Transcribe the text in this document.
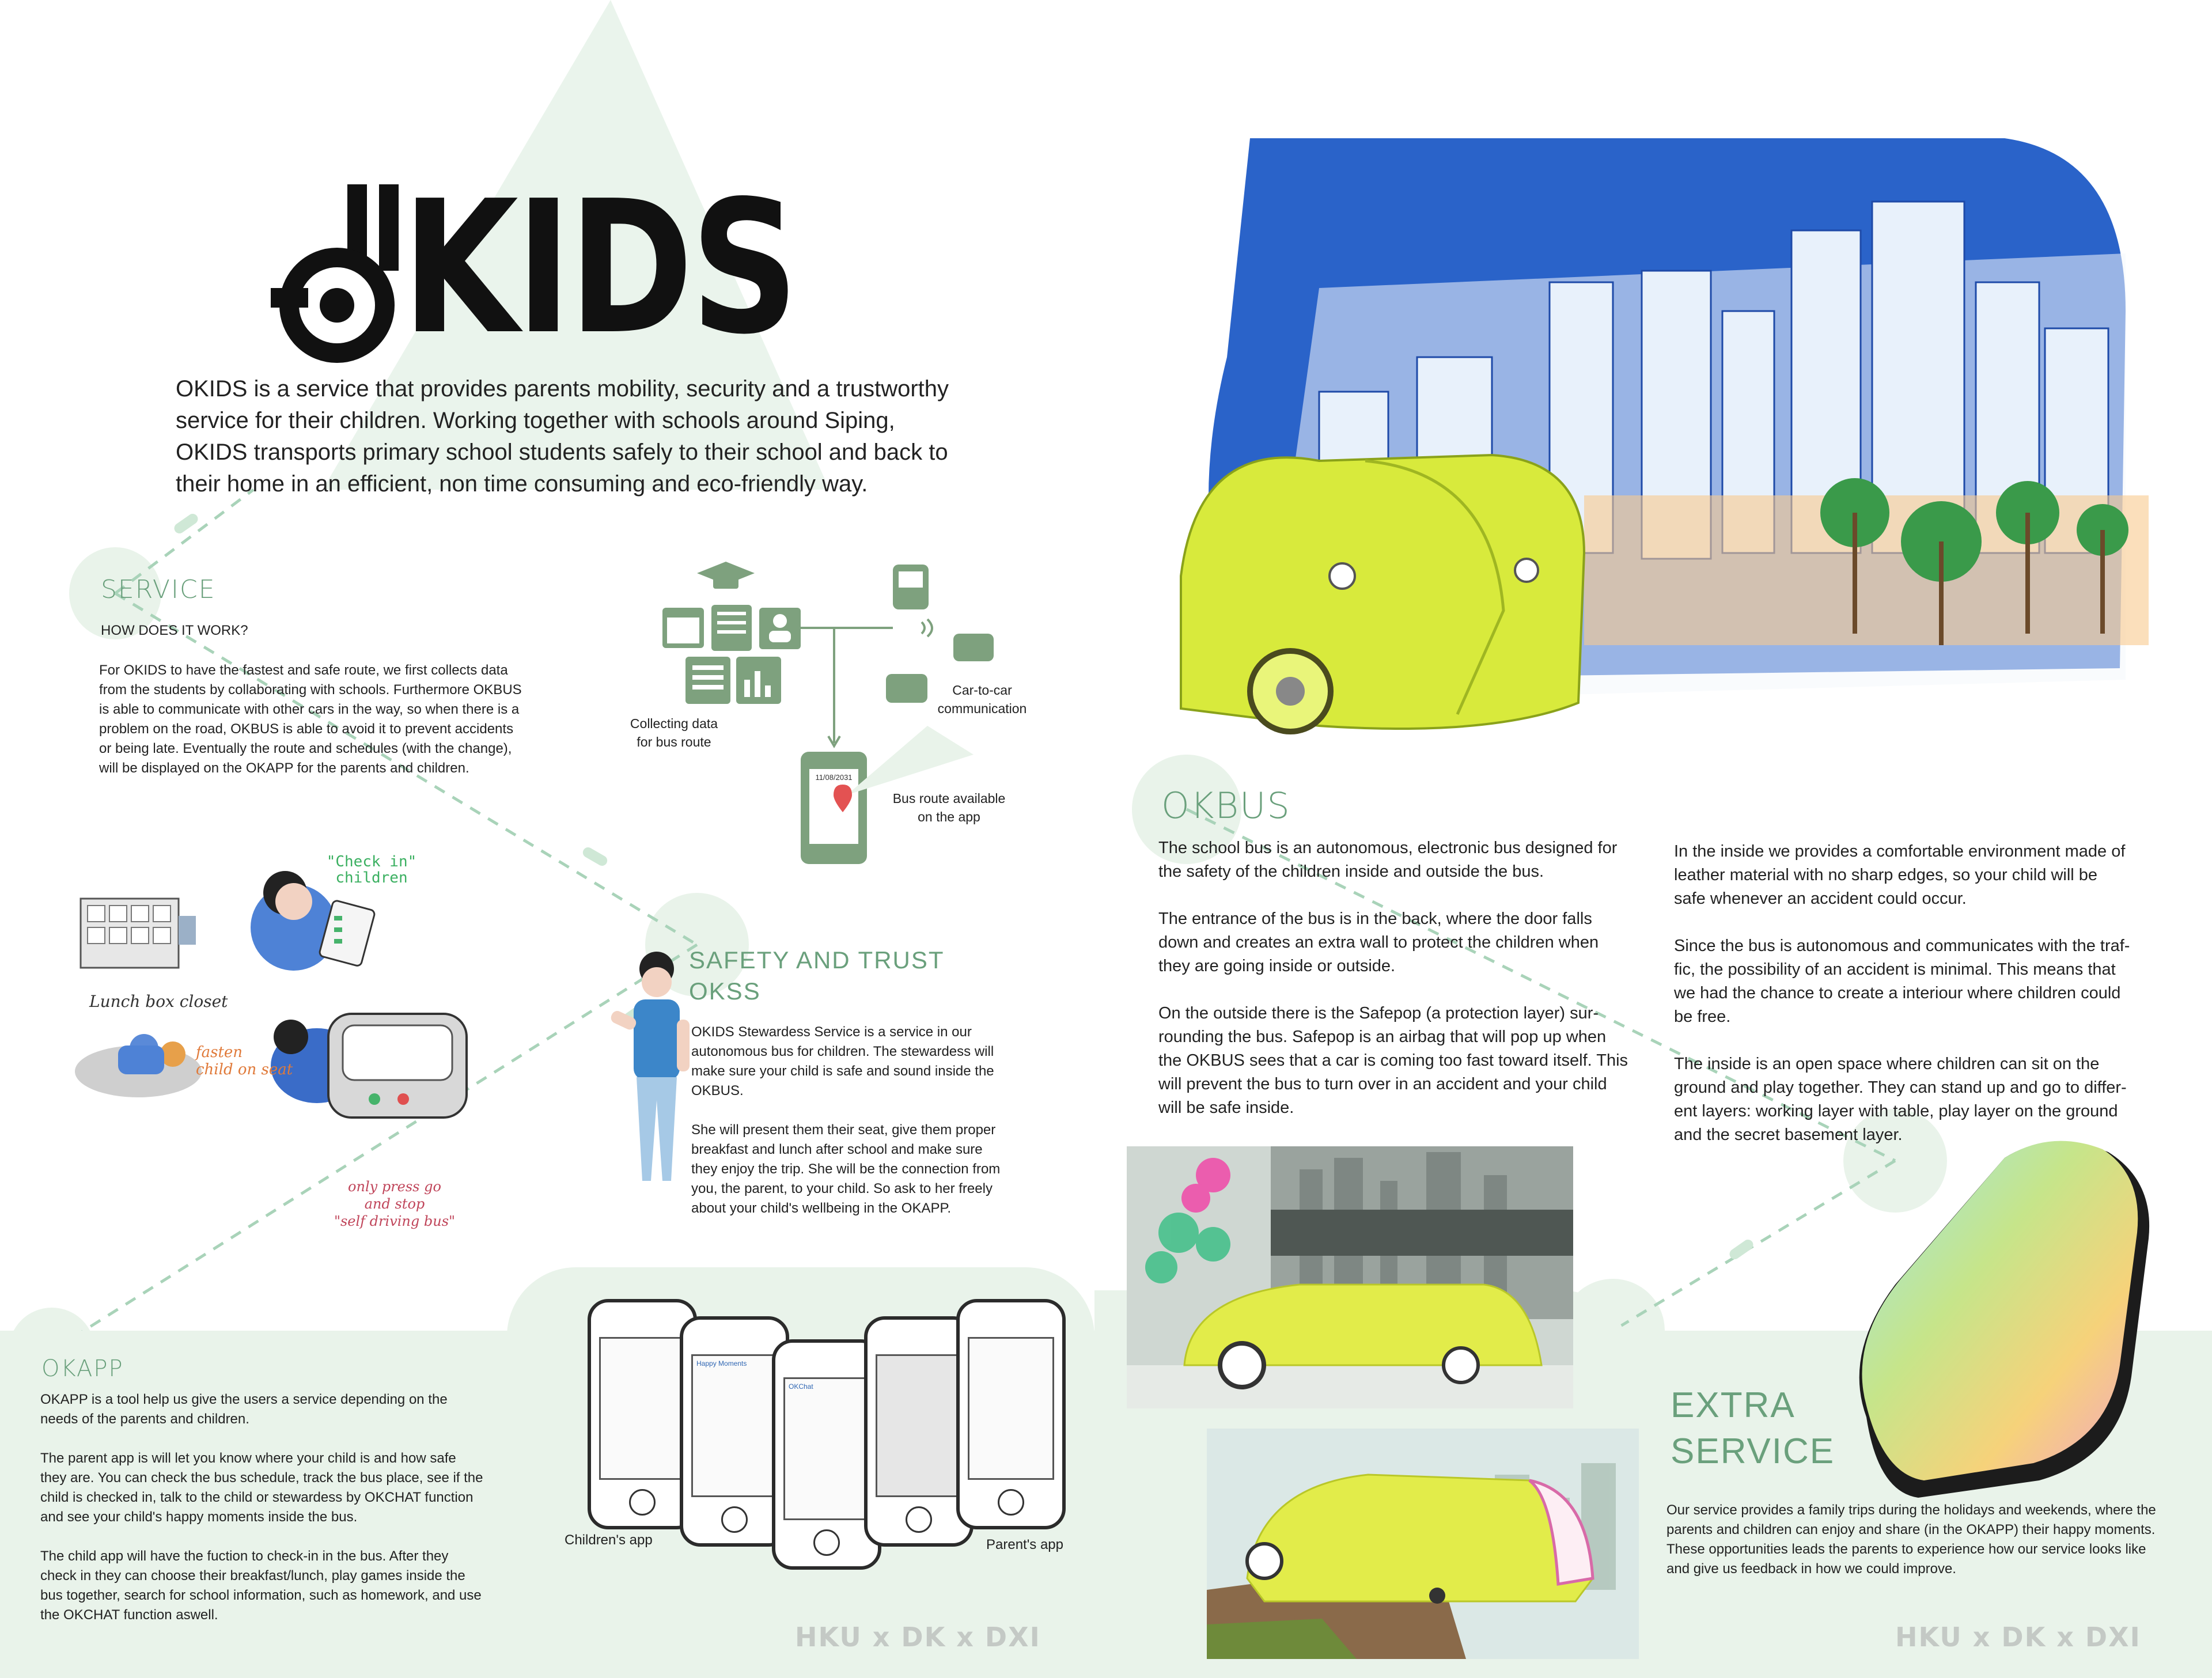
KIDS
OKIDS is a service that provides parents mobility, security and a trustworthy
service for their children. Working together with schools around Siping,
OKIDS transports primary school students safely to their school and back to
their home in an efficient, non time consuming and eco-friendly way.
SERVICE
HOW DOES IT WORK?
For OKIDS to have the fastest and safe route, we first collects data
from the students by collaborating with schools. Furthermore OKBUS
is able to communicate with other cars in the way, so when there is a
problem on the road, OKBUS is able to avoid it to prevent accidents
or being late. Eventually the route and schedules (with the change),
will be displayed on the OKAPP for the parents and children.
11/08/2031
Collecting data
for bus route
Car-to-car
communication
Bus route available
on the app
"Check in"
children
Lunch box closet
fasten
child on seat
only press go
and stop
"self driving bus"
SAFETY AND TRUST
OKSS
OKIDS Stewardess Service is a service in our
autonomous bus for children. The stewardess will
make sure your child is safe and sound inside the
OKBUS.

She will present them their seat, give them proper
breakfast and lunch after school and make sure
they enjoy the trip. She will be the connection from
you, the parent, to your child. So ask to her freely
about your child's wellbeing in the OKAPP.
OKBUS
The school bus is an autonomous, electronic bus designed for
the safety of the children inside and outside the bus.

The entrance of the bus is in the back, where the door falls
down and creates an extra wall to protect the children when
they are going inside or outside.

On the outside there is the Safepop (a protection layer) sur-
rounding the bus. Safepop is an airbag that will pop up when
the OKBUS sees that a car is coming too fast toward itself. This
will prevent the bus to turn over in an accident and your child
will be safe inside.
In the inside we provides a comfortable environment made of
leather material with no sharp edges, so your child will be
safe whenever an accident could occur.

Since the bus is autonomous and communicates with the traf-
fic, the possibility of an accident is minimal. This means that
we had the chance to create a interiour where children could
be free.

The inside is an open space where children can sit on the
ground and play together. They can stand up and go to differ-
ent layers: working layer with table, play layer on the ground
and the secret basement layer.
OKAPP
OKAPP is a tool help us give the users a service depending on the
needs of the parents and children.

The parent app is will let you know where your child is and how safe
they are. You can check the bus schedule, track the bus place, see if the
child is checked in, talk to the child or stewardess by OKCHAT function
and see your child's happy moments inside the bus.

The child app will have the fuction to check-in in the bus. After they
check in they can choose their breakfast/lunch, play games inside the
bus together, search for school information, such as homework, and use
the OKCHAT function aswell.
Happy Moments
OKChat
Children's app	Parent's app
EXTRA
SERVICE
Our service provides a family trips during the holidays and weekends, where the
parents and children can enjoy and share (in the OKAPP) their happy moments.
These opportunities leads the parents to experience how our service looks like
and give us feedback in how we could improve.
HKU x DK x DXI	HKU x DK x DXI
